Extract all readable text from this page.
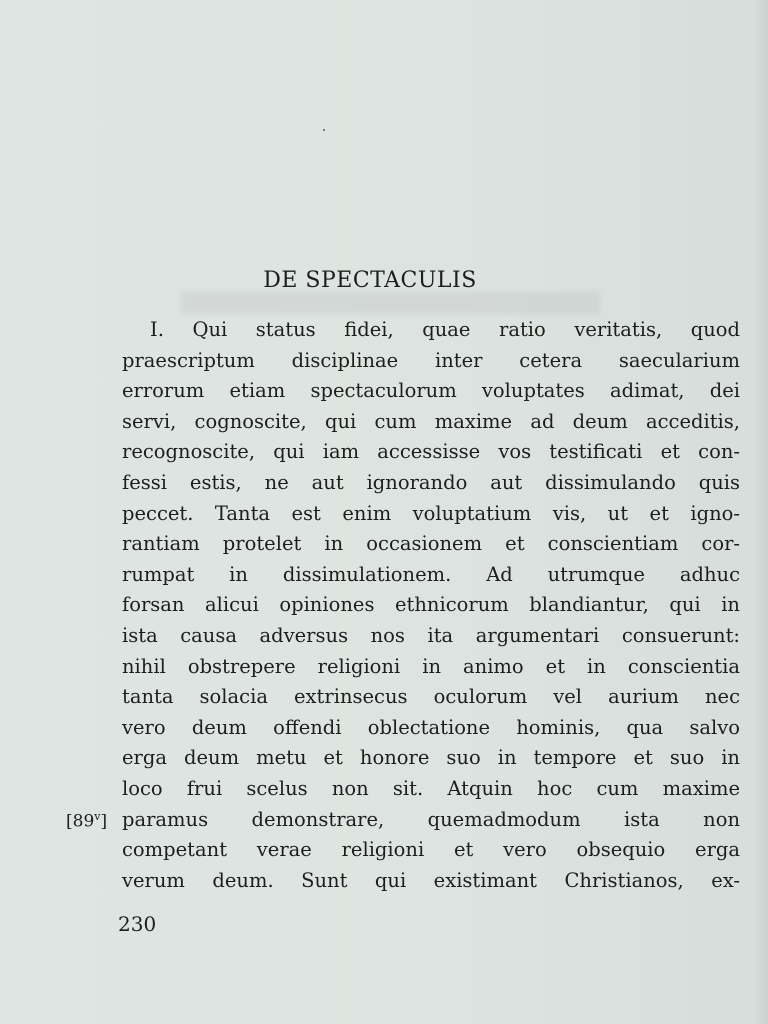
DE SPECTACULIS
I. Qui status fidei, quae ratio veritatis, quod
praescriptum disciplinae inter cetera saecularium
errorum etiam spectaculorum voluptates adimat, dei
servi, cognoscite, qui cum maxime ad deum acceditis,
recognoscite, qui iam accessisse vos testificati et con-
fessi estis, ne aut ignorando aut dissimulando quis
peccet. Tanta est enim voluptatium vis, ut et igno-
rantiam protelet in occasionem et conscientiam cor-
rumpat in dissimulationem. Ad utrumque adhuc
forsan alicui opiniones ethnicorum blandiantur, qui in
ista causa adversus nos ita argumentari consuerunt:
nihil obstrepere religioni in animo et in conscientia
tanta solacia extrinsecus oculorum vel aurium nec
vero deum offendi oblectatione hominis, qua salvo
erga deum metu et honore suo in tempore et suo in
loco frui scelus non sit. Atquin hoc cum maxime
paramus demonstrare, quemadmodum ista non
competant verae religioni et vero obsequio erga
verum deum. Sunt qui existimant Christianos, ex-
[89$^v$]
230
